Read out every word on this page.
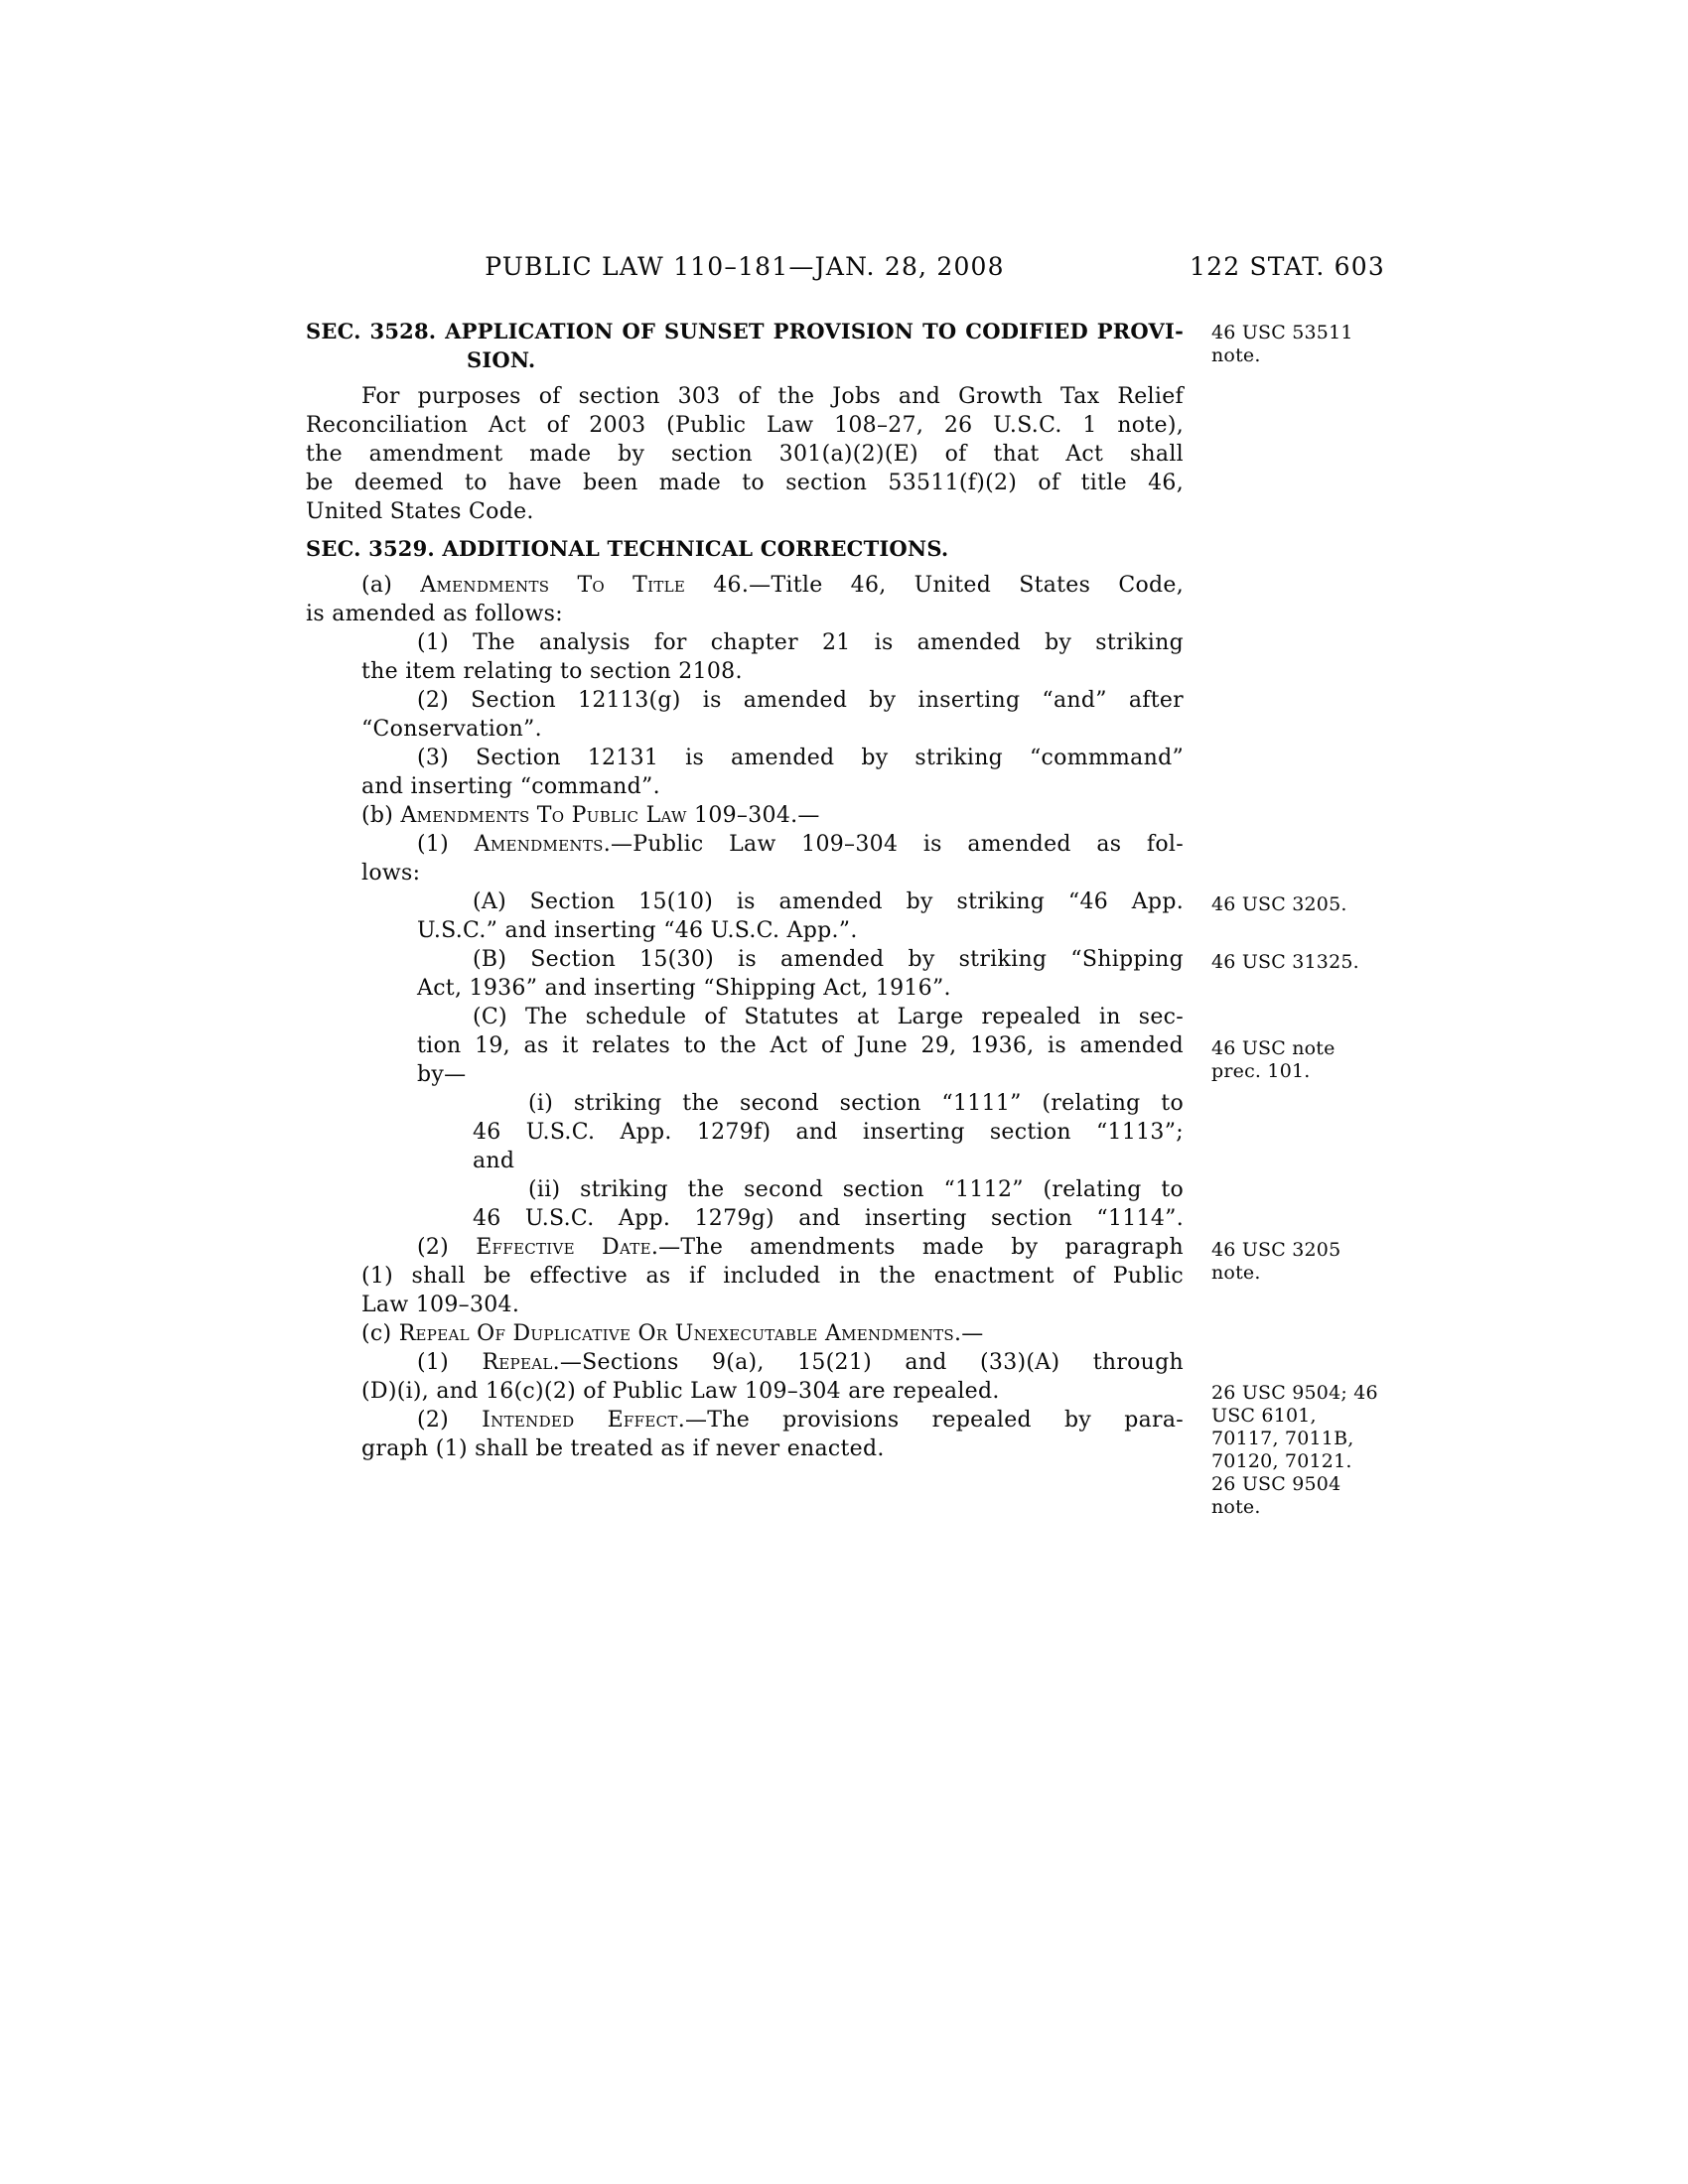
PUBLIC LAW 110–181—JAN. 28, 2008	122 STAT. 603
SEC. 3528. APPLICATION OF SUNSET PROVISION TO CODIFIED PROVI-
SION.
For purposes of section 303 of the Jobs and Growth Tax Relief
Reconciliation Act of 2003 (Public Law 108–27, 26 U.S.C. 1 note),
the amendment made by section 301(a)(2)(E) of that Act shall
be deemed to have been made to section 53511(f)(2) of title 46,
United States Code.
SEC. 3529. ADDITIONAL TECHNICAL CORRECTIONS.
(a) Amendments To Title 46.—Title 46, United States Code,
is amended as follows:
(1) The analysis for chapter 21 is amended by striking
the item relating to section 2108.
(2) Section 12113(g) is amended by inserting “and” after
“Conservation”.
(3) Section 12131 is amended by striking “commmand”
and inserting “command”.
(b) Amendments To Public Law 109–304.—
(1) Amendments.—Public Law 109–304 is amended as fol-
lows:
(A) Section 15(10) is amended by striking “46 App.
U.S.C.” and inserting “46 U.S.C. App.”.
(B) Section 15(30) is amended by striking “Shipping
Act, 1936” and inserting “Shipping Act, 1916”.
(C) The schedule of Statutes at Large repealed in sec-
tion 19, as it relates to the Act of June 29, 1936, is amended
by—
(i) striking the second section “1111” (relating to
46 U.S.C. App. 1279f) and inserting section “1113”;
and
(ii) striking the second section “1112” (relating to
46 U.S.C. App. 1279g) and inserting section “1114”.
(2) Effective Date.—The amendments made by paragraph
(1) shall be effective as if included in the enactment of Public
Law 109–304.
(c) Repeal Of Duplicative Or Unexecutable Amendments.—
(1) Repeal.—Sections 9(a), 15(21) and (33)(A) through
(D)(i), and 16(c)(2) of Public Law 109–304 are repealed.
(2) Intended Effect.—The provisions repealed by para-
graph (1) shall be treated as if never enacted.
46 USC 53511
note.
46 USC 3205.
46 USC 31325.
46 USC note
prec. 101.
46 USC 3205
note.
26 USC 9504; 46
USC 6101,
70117, 7011B,
70120, 70121.
26 USC 9504
note.
